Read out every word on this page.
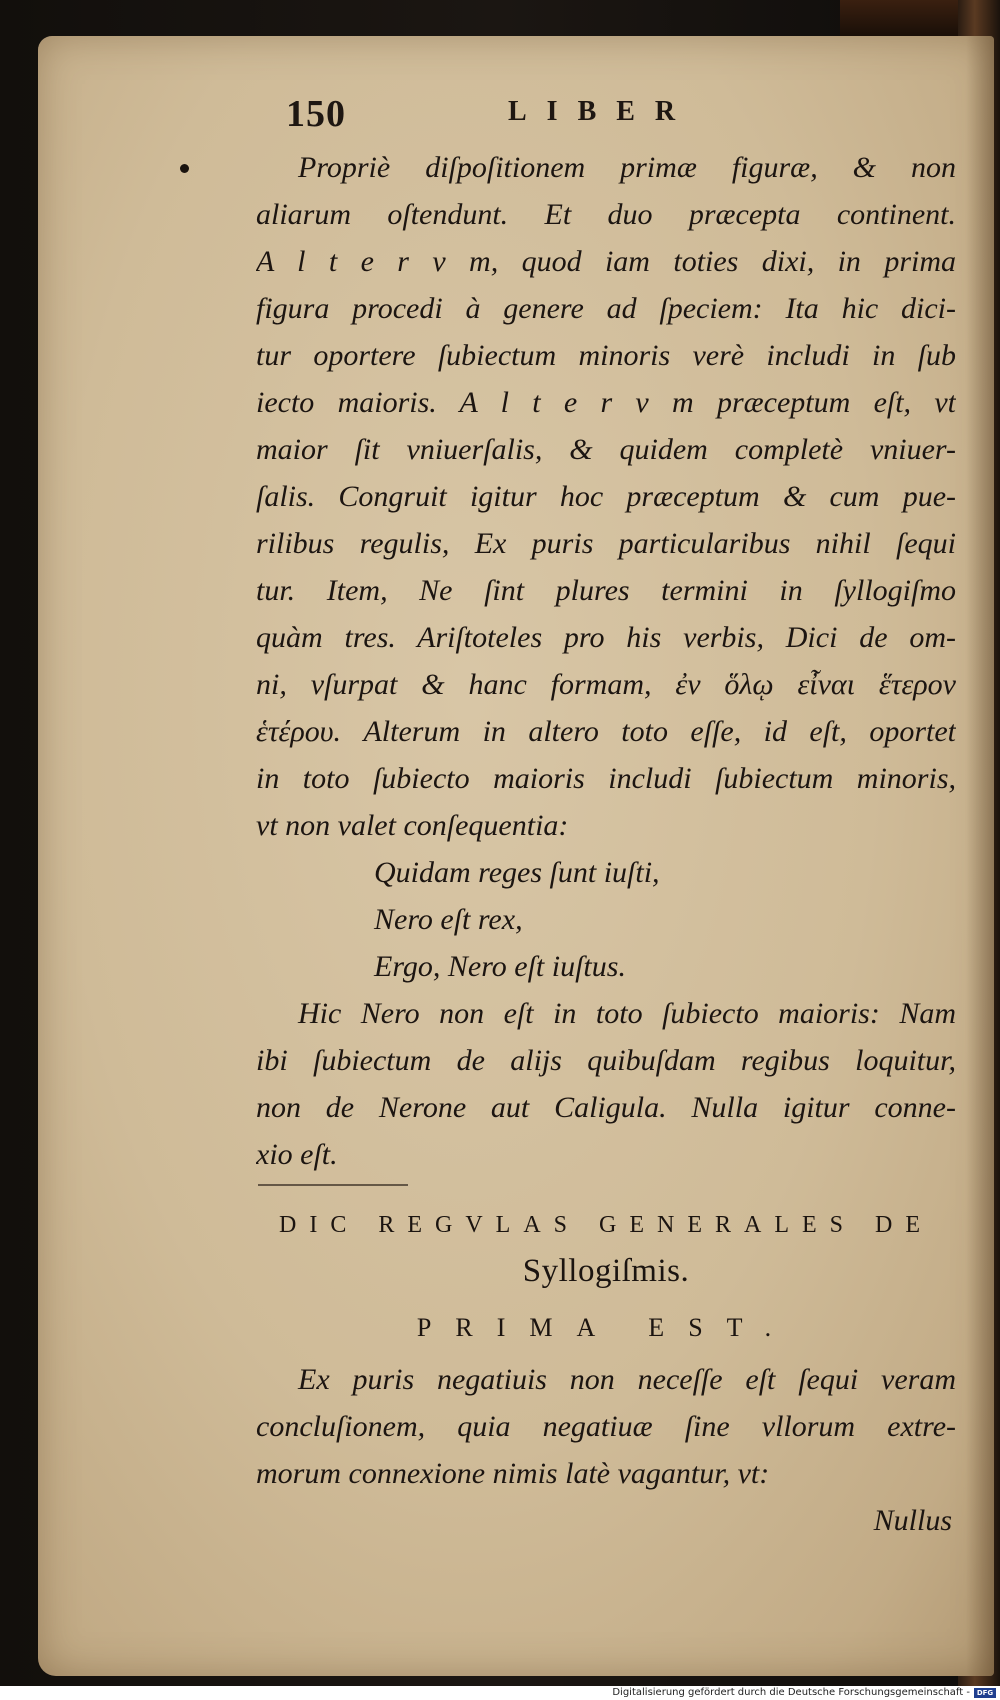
150	LIBER
Propriè diſpoſitionem primæ figuræ, & non
aliarum oſtendunt. Et duo præcepta continent.
A l t e r v m, quod iam toties dixi, in prima
figura procedi à genere ad ſpeciem: Ita hic dici-
tur oportere ſubiectum minoris verè includi in ſub
iecto maioris. A l t e r v m præceptum eſt, vt
maior ſit vniuerſalis, & quidem completè vniuer-
ſalis. Congruit igitur hoc præceptum & cum pue-
rilibus regulis, Ex puris particularibus nihil ſequi
tur. Item, Ne ſint plures termini in ſyllogiſmo
quàm tres. Ariſtoteles pro his verbis, Dici de om-
ni, vſurpat & hanc formam, ἐν ὅλῳ εἶναι ἕτερον
ἑτέρου. Alterum in altero toto eſſe, id eſt, oportet
in toto ſubiecto maioris includi ſubiectum minoris,
vt non valet conſequentia:
Quidam reges ſunt iuſti,
Nero eſt rex,
Ergo, Nero eſt iuſtus.
Hic Nero non eſt in toto ſubiecto maioris: Nam
ibi ſubiectum de alijs quibuſdam regibus loquitur,
non de Nerone aut Caligula. Nulla igitur conne-
xio eſt.
DIC REGVLAS GENERALES DE
Syllogiſmis.
PRIMA EST.
Ex puris negatiuis non neceſſe eſt ſequi veram
concluſionem, quia negatiuæ ſine vllorum extre-
morum connexione nimis latè vagantur, vt:
Nullus
Digitalisierung gefördert durch die Deutsche Forschungsgemeinschaft - DFG
